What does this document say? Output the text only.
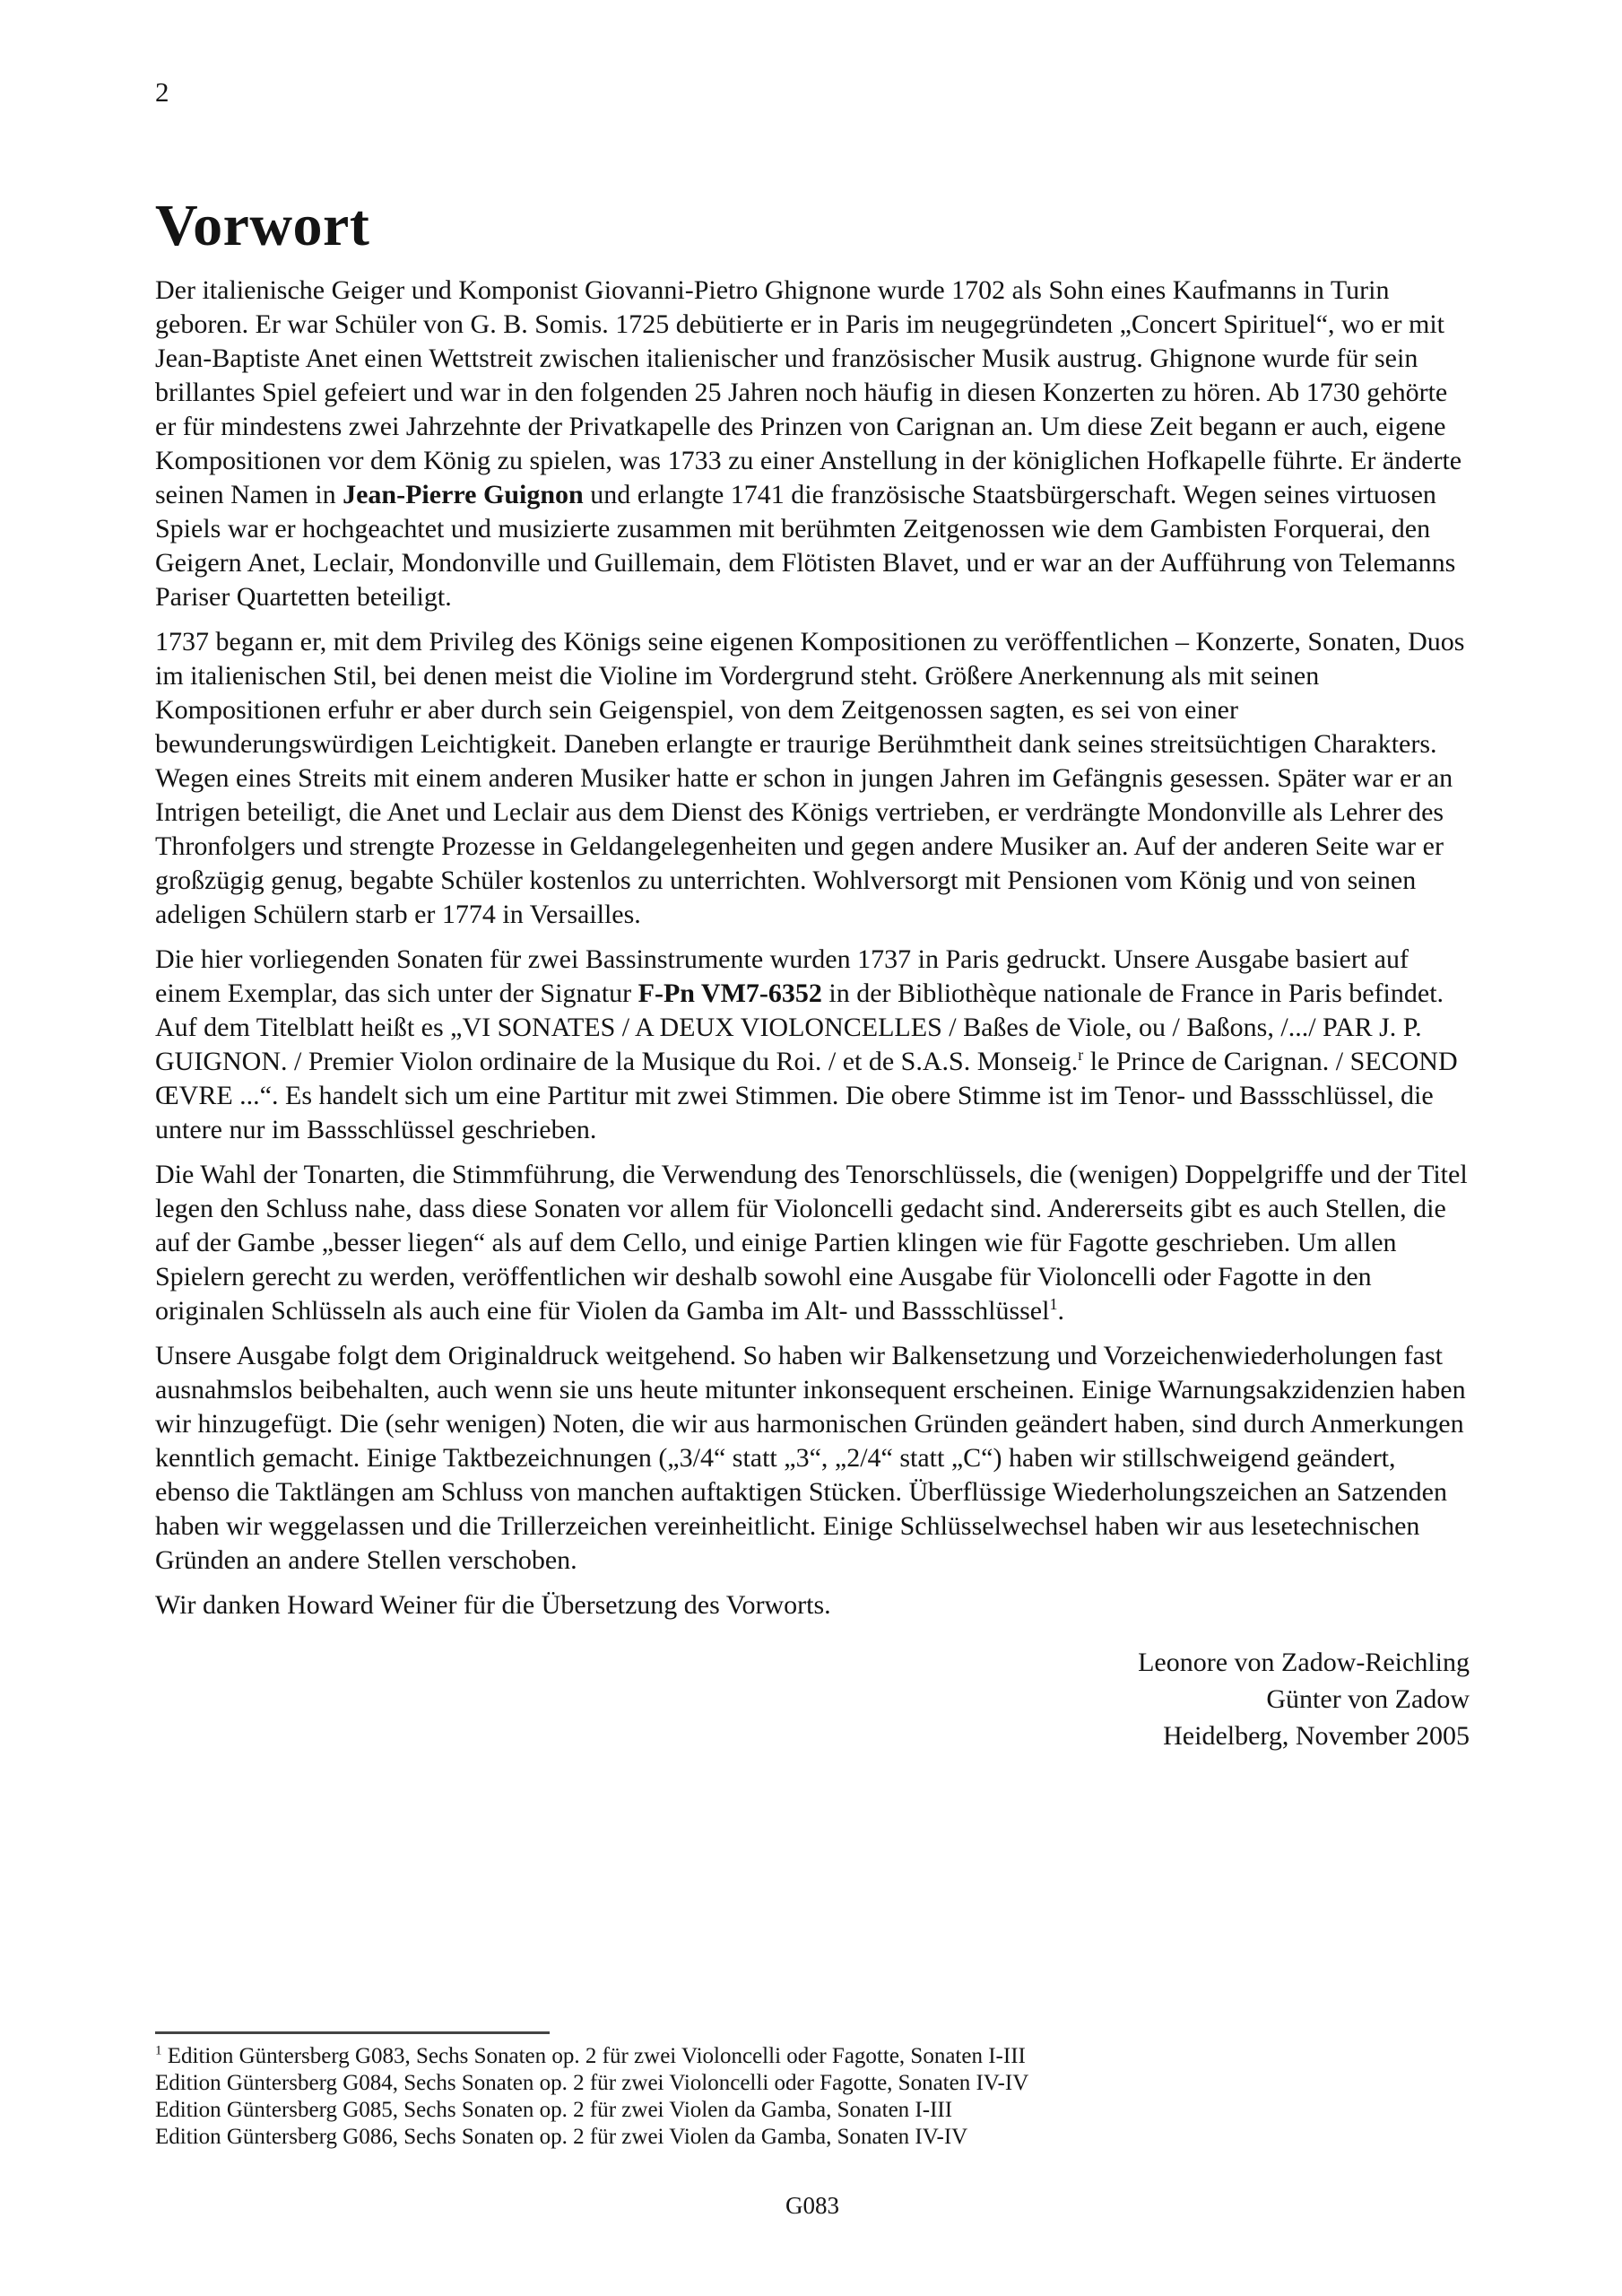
2
Vorwort

Der italienische Geiger und Komponist Giovanni-Pietro Ghignone wurde 1702 als Sohn eines Kaufmanns in Turin geboren. Er war Schüler von G. B. Somis. 1725 debütierte er in Paris im neugegründeten „Concert Spirituel“, wo er mit Jean-Baptiste Anet einen Wettstreit zwischen italienischer und französischer Musik austrug. Ghignone wurde für sein brillantes Spiel gefeiert und war in den folgenden 25 Jahren noch häufig in diesen Konzerten zu hören. Ab 1730 gehörte er für mindestens zwei Jahrzehnte der Privatkapelle des Prinzen von Carignan an. Um diese Zeit begann er auch, eigene Kompositionen vor dem König zu spielen, was 1733 zu einer Anstellung in der königlichen Hofkapelle führte. Er änderte seinen Namen in Jean-Pierre Guignon und erlangte 1741 die französische Staatsbürgerschaft. Wegen seines virtuosen Spiels war er hochgeachtet und musizierte zusammen mit berühmten Zeitgenossen wie dem Gambisten Forquerai, den Geigern Anet, Leclair, Mondonville und Guillemain, dem Flötisten Blavet, und er war an der Aufführung von Telemanns Pariser Quartetten beteiligt.

1737 begann er, mit dem Privileg des Königs seine eigenen Kompositionen zu veröffentlichen – Konzerte, Sonaten, Duos im italienischen Stil, bei denen meist die Violine im Vordergrund steht. Größere Anerkennung als mit seinen Kompositionen erfuhr er aber durch sein Geigenspiel, von dem Zeitgenossen sagten, es sei von einer bewunderungswürdigen Leichtigkeit. Daneben erlangte er traurige Berühmtheit dank seines streitsüchtigen Charakters. Wegen eines Streits mit einem anderen Musiker hatte er schon in jungen Jahren im Gefängnis gesessen. Später war er an Intrigen beteiligt, die Anet und Leclair aus dem Dienst des Königs vertrieben, er verdrängte Mondonville als Lehrer des Thronfolgers und strengte Prozesse in Geldangelegenheiten und gegen andere Musiker an. Auf der anderen Seite war er großzügig genug, begabte Schüler kostenlos zu unterrichten. Wohlversorgt mit Pensionen vom König und von seinen adeligen Schülern starb er 1774 in Versailles.

Die hier vorliegenden Sonaten für zwei Bassinstrumente wurden 1737 in Paris gedruckt. Unsere Ausgabe basiert auf einem Exemplar, das sich unter der Signatur F-Pn VM7-6352 in der Bibliothèque nationale de France in Paris befindet. Auf dem Titelblatt heißt es „VI SONATES / A DEUX VIOLONCELLES / Baßes de Viole, ou / Baßons, /.../ PAR J. P. GUIGNON. / Premier Violon ordinaire de la Musique du Roi. / et de S.A.S. Monseig.$^r$ le Prince de Carignan. / SECOND ŒVRE ...“. Es handelt sich um eine Partitur mit zwei Stimmen. Die obere Stimme ist im Tenor- und Bassschlüssel, die untere nur im Bassschlüssel geschrieben.

Die Wahl der Tonarten, die Stimmführung, die Verwendung des Tenorschlüssels, die (wenigen) Doppelgriffe und der Titel legen den Schluss nahe, dass diese Sonaten vor allem für Violoncelli gedacht sind. Andererseits gibt es auch Stellen, die auf der Gambe „besser liegen“ als auf dem Cello, und einige Partien klingen wie für Fagotte geschrieben. Um allen Spielern gerecht zu werden, veröffentlichen wir deshalb sowohl eine Ausgabe für Violoncelli oder Fagotte in den originalen Schlüsseln als auch eine für Violen da Gamba im Alt- und Bassschlüssel$^1$.

Unsere Ausgabe folgt dem Originaldruck weitgehend. So haben wir Balkensetzung und Vorzeichenwiederholungen fast ausnahmslos beibehalten, auch wenn sie uns heute mitunter inkonsequent erscheinen. Einige Warnungsakzidenzien haben wir hinzugefügt. Die (sehr wenigen) Noten, die wir aus harmonischen Gründen geändert haben, sind durch Anmerkungen kenntlich gemacht. Einige Taktbezeichnungen („3/4“ statt „3“, „2/4“ statt „C“) haben wir stillschweigend geändert, ebenso die Taktlängen am Schluss von manchen auftaktigen Stücken. Überflüssige Wiederholungszeichen an Satzenden haben wir weggelassen und die Trillerzeichen vereinheitlicht. Einige Schlüsselwechsel haben wir aus lesetechnischen Gründen an andere Stellen verschoben.

Wir danken Howard Weiner für die Übersetzung des Vorworts.

Leonore von Zadow-Reichling
Günter von Zadow
Heidelberg, November 2005
$^1$ Edition Güntersberg G083, Sechs Sonaten op. 2 für zwei Violoncelli oder Fagotte, Sonaten I-III
Edition Güntersberg G084, Sechs Sonaten op. 2 für zwei Violoncelli oder Fagotte, Sonaten IV-IV
Edition Güntersberg G085, Sechs Sonaten op. 2 für zwei Violen da Gamba, Sonaten I-III
Edition Güntersberg G086, Sechs Sonaten op. 2 für zwei Violen da Gamba, Sonaten IV-IV
G083
